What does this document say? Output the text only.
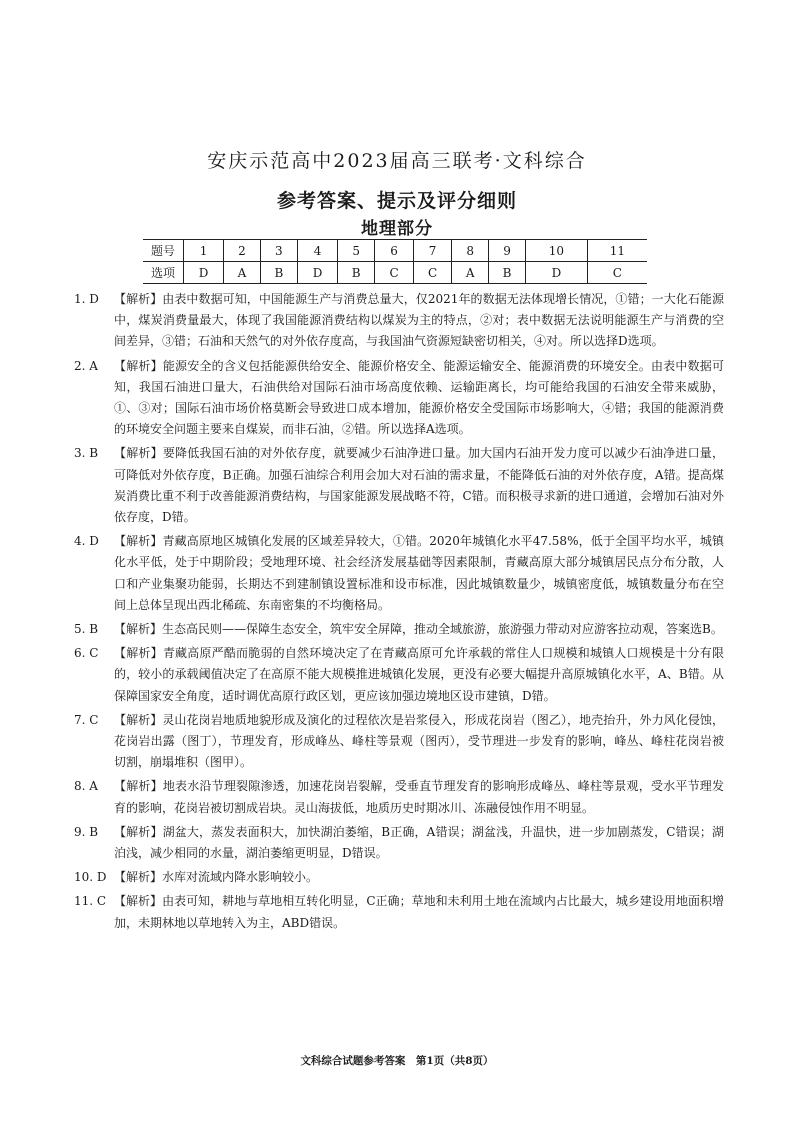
安庆示范高中2023届高三联考·文科综合
参考答案、提示及评分细则
地理部分
题号	1	2	3	4	5	6	7	8	9	10	11
选项	D	A	B	D	B	C	C	A	B	D	C
1. D	【解析】由表中数据可知，中国能源生产与消费总量大，仅2021年的数据无法体现增长情况，①错；一大化石能源中，煤炭消费量最大，体现了我国能源消费结构以煤炭为主的特点，②对；表中数据无法说明能源生产与消费的空间差异，③错；石油和天然气的对外依存度高，与我国油气资源短缺密切相关，④对。所以选择D选项。
2. A	【解析】能源安全的含义包括能源供给安全、能源价格安全、能源运输安全、能源消费的环境安全。由表中数据可知，我国石油进口量大，石油供给对国际石油市场高度依赖、运输距离长，均可能给我国的石油安全带来威胁，①、③对；国际石油市场价格莫断会导致进口成本增加，能源价格安全受国际市场影响大，④错；我国的能源消费的环境安全问题主要来自煤炭，而非石油，②错。所以选择A选项。
3. B	【解析】要降低我国石油的对外依存度，就要减少石油净进口量。加大国内石油开发力度可以减少石油净进口量，可降低对外依存度，B正确。加强石油综合利用会加大对石油的需求量，不能降低石油的对外依存度，A错。提高煤炭消费比重不利于改善能源消费结构，与国家能源发展战略不符，C错。而积极寻求新的进口通道，会增加石油对外依存度，D错。
4. D	【解析】青藏高原地区城镇化发展的区域差异较大，①错。2020年城镇化水平47.58%，低于全国平均水平，城镇化水平低，处于中期阶段；受地理环境、社会经济发展基础等因素限制，青藏高原大部分城镇居民点分布分散，人口和产业集聚功能弱，长期达不到建制镇设置标准和设市标准，因此城镇数量少，城镇密度低，城镇数量分布在空间上总体呈现出西北稀疏、东南密集的不均衡格局。
5. B	【解析】生态高民则——保障生态安全，筑牢安全屏障，推动全域旅游，旅游强力带动对应游客拉动观，答案选B。
6. C	【解析】青藏高原严酷而脆弱的自然环境决定了在青藏高原可允许承载的常住人口规模和城镇人口规模是十分有限的，较小的承载阈值决定了在高原不能大规模推进城镇化发展，更没有必要大幅提升高原城镇化水平，A、B错。从保障国家安全角度，适时调优高原行政区划，更应该加强边境地区设市建镇，D错。
7. C	【解析】灵山花岗岩地质地貌形成及演化的过程依次是岩浆侵入，形成花岗岩（图乙），地壳抬升，外力风化侵蚀，花岗岩出露（图丁），节理发育，形成峰丛、峰柱等景观（图丙），受节理进一步发育的影响，峰丛、峰柱花岗岩被切割，崩塌堆积（图甲）。
8. A	【解析】地表水沿节理裂隙渗透，加速花岗岩裂解，受垂直节理发育的影响形成峰丛、峰柱等景观，受水平节理发育的影响，花岗岩被切割成岩块。灵山海拔低，地质历史时期冰川、冻融侵蚀作用不明显。
9. B	【解析】湖盆大，蒸发表面积大，加快湖泊萎缩，B正确，A错误；湖盆浅，升温快，进一步加剧蒸发，C错误；湖泊浅，减少相同的水量，湖泊萎缩更明显，D错误。
10. D 【解析】水库对流域内降水影响较小。
11. C 【解析】由表可知，耕地与草地相互转化明显，C正确；草地和未利用土地在流域内占比最大，城乡建设用地面积增加，未期林地以草地转入为主，ABD错误。
文科综合试题参考答案　第1页（共8页）
